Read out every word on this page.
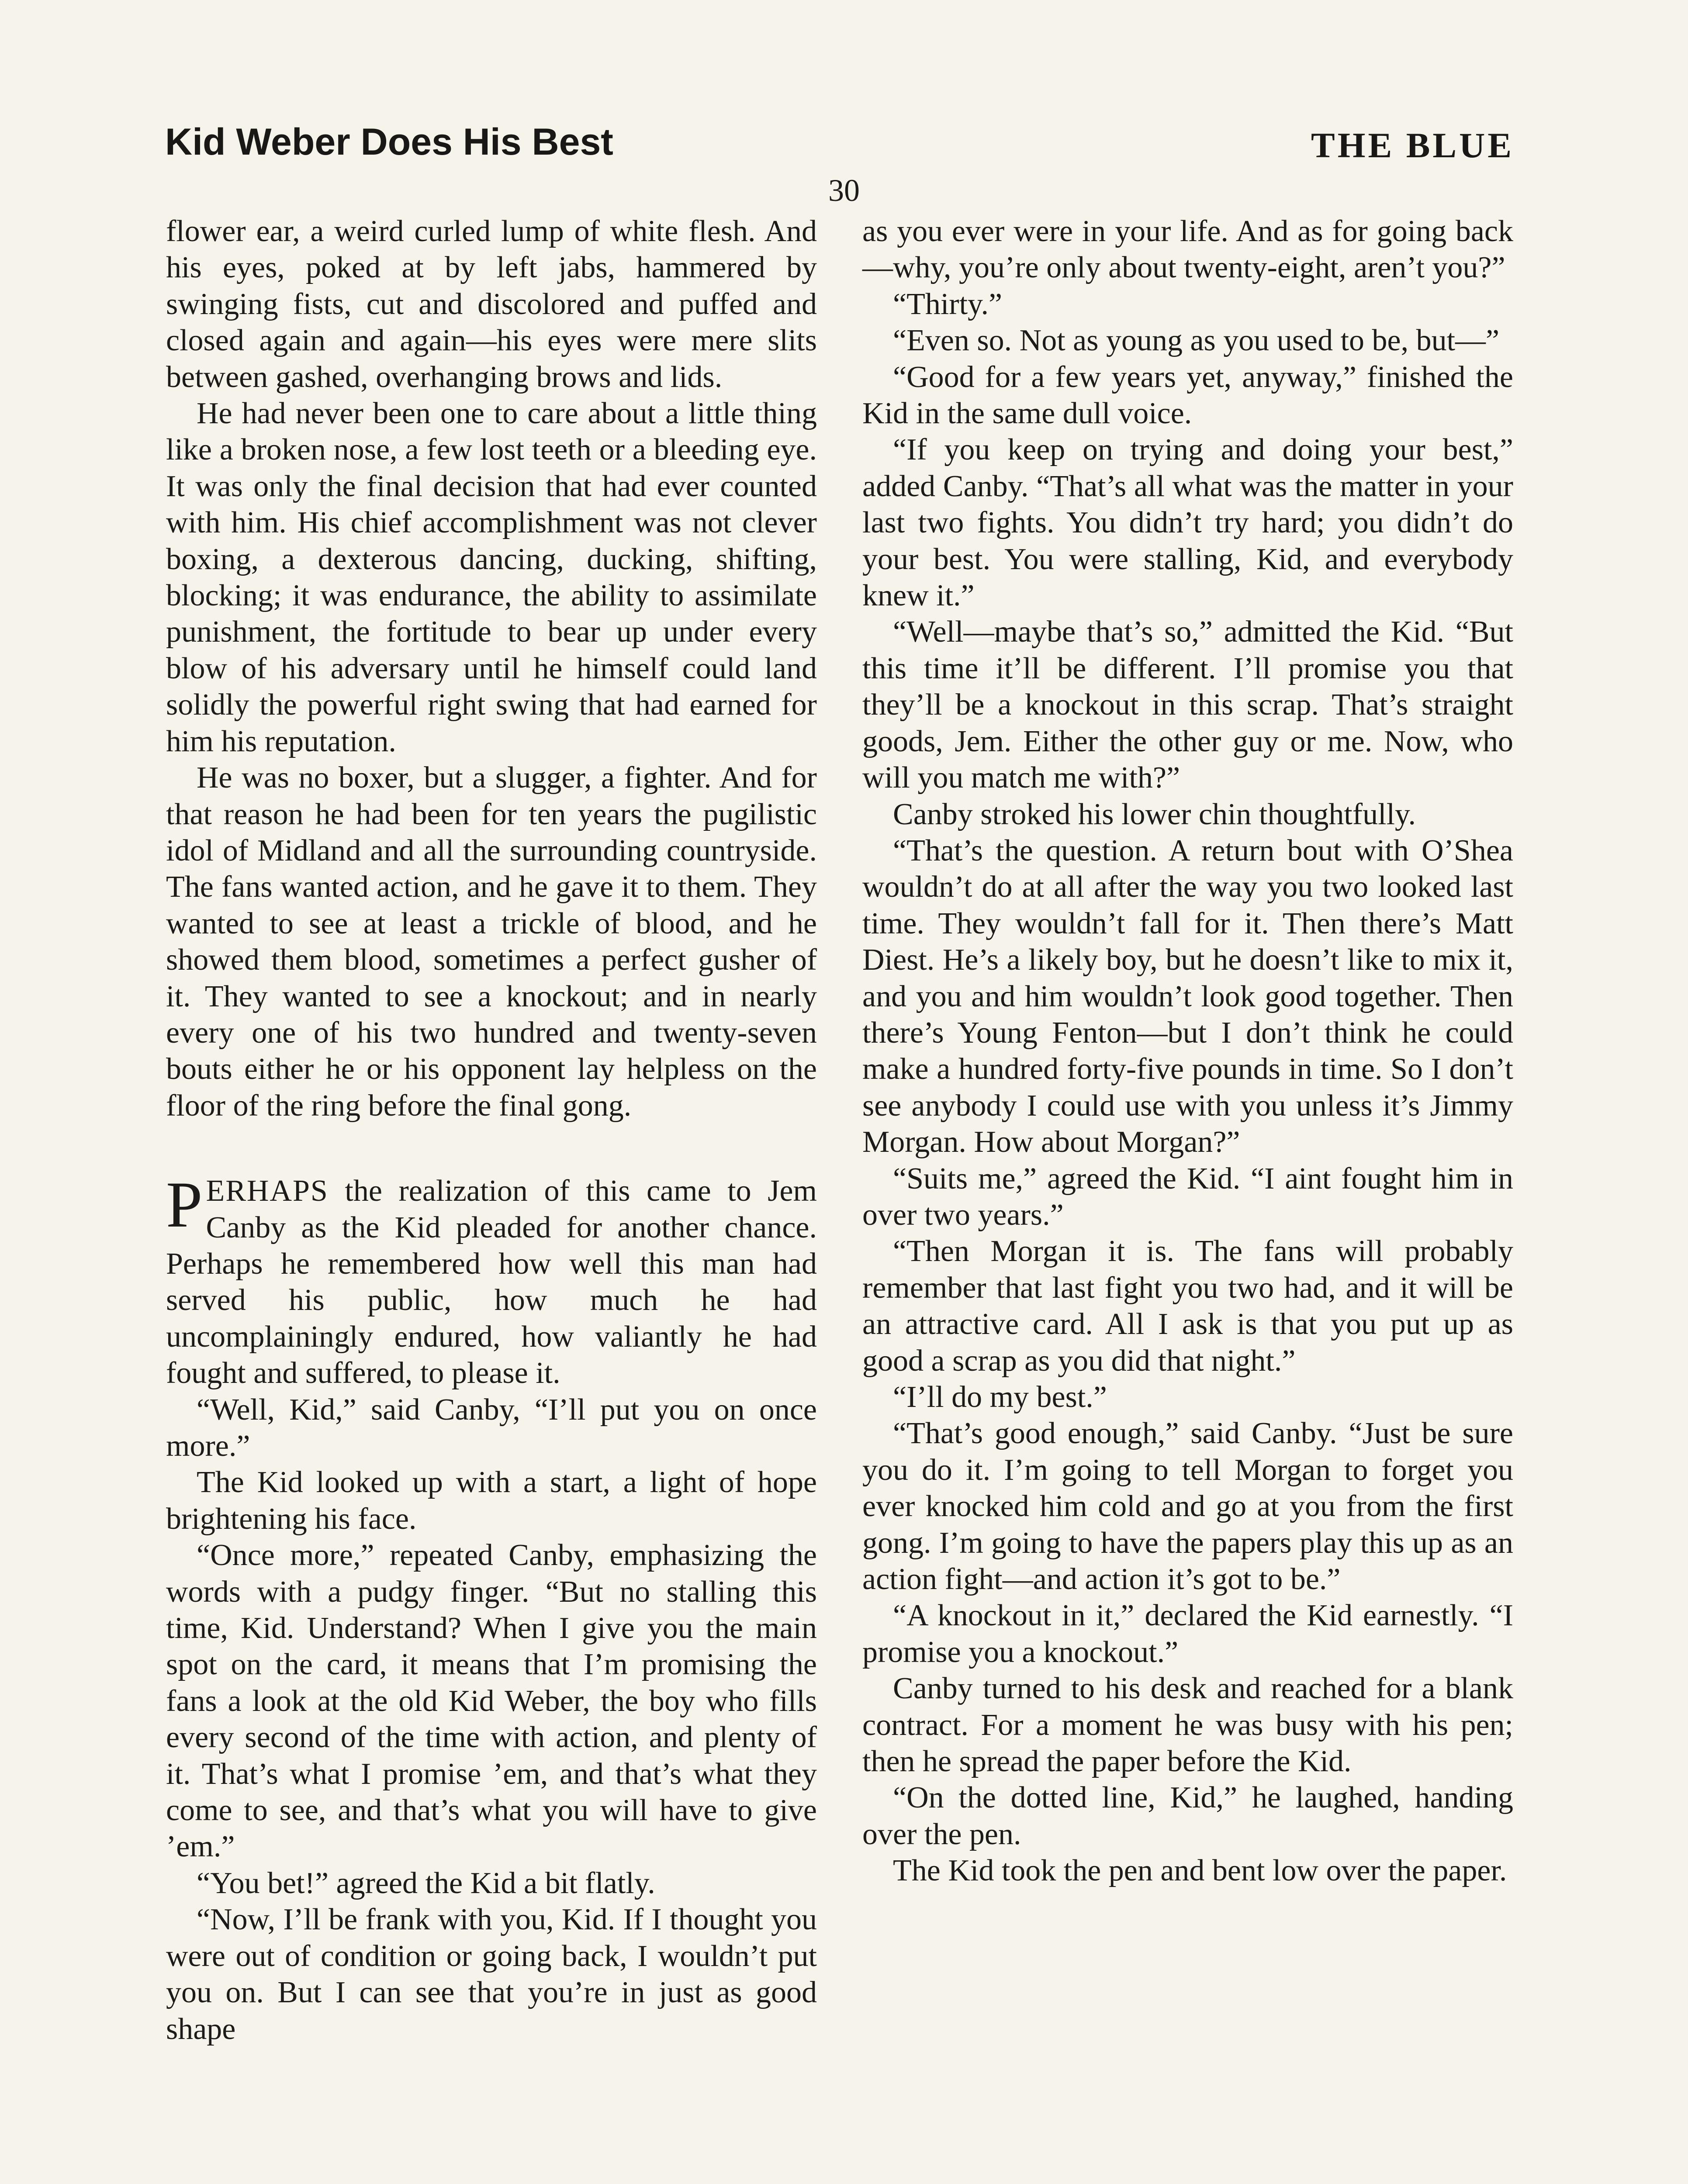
Kid Weber Does His Best	THE BLUE
30

flower ear, a weird curled lump of white flesh. And his eyes, poked at by left jabs, hammered by swinging fists, cut and discolored and puffed and closed again and again—his eyes were mere slits between gashed, overhanging brows and lids.

He had never been one to care about a little thing like a broken nose, a few lost teeth or a bleeding eye. It was only the final decision that had ever counted with him. His chief accomplishment was not clever boxing, a dexterous dancing, ducking, shifting, blocking; it was endurance, the ability to assimilate punishment, the fortitude to bear up under every blow of his adversary until he himself could land solidly the powerful right swing that had earned for him his reputation.

He was no boxer, but a slugger, a fighter. And for that reason he had been for ten years the pugilistic idol of Midland and all the surrounding countryside. The fans wanted action, and he gave it to them. They wanted to see at least a trickle of blood, and he showed them blood, sometimes a perfect gusher of it. They wanted to see a knockout; and in nearly every one of his two hundred and twenty-seven bouts either he or his opponent lay helpless on the floor of the ring before the final gong.

PERHAPS the realization of this came to Jem Canby as the Kid pleaded for another chance. Perhaps he remembered how well this man had served his public, how much he had uncomplainingly endured, how valiantly he had fought and suffered, to please it.

“Well, Kid,” said Canby, “I’ll put you on once more.”

The Kid looked up with a start, a light of hope brightening his face.

“Once more,” repeated Canby, emphasizing the words with a pudgy finger. “But no stalling this time, Kid. Understand? When I give you the main spot on the card, it means that I’m promising the fans a look at the old Kid Weber, the boy who fills every second of the time with action, and plenty of it. That’s what I promise ’em, and that’s what they come to see, and that’s what you will have to give ’em.”

“You bet!” agreed the Kid a bit flatly.

“Now, I’ll be frank with you, Kid. If I thought you were out of condition or going back, I wouldn’t put you on. But I can see that you’re in just as good shape

as you ever were in your life. And as for going back—why, you’re only about twenty-eight, aren’t you?”

“Thirty.”

“Even so. Not as young as you used to be, but—”

“Good for a few years yet, anyway,” finished the Kid in the same dull voice.

“If you keep on trying and doing your best,” added Canby. “That’s all what was the matter in your last two fights. You didn’t try hard; you didn’t do your best. You were stalling, Kid, and everybody knew it.”

“Well—maybe that’s so,” admitted the Kid. “But this time it’ll be different. I’ll promise you that they’ll be a knockout in this scrap. That’s straight goods, Jem. Either the other guy or me. Now, who will you match me with?”

Canby stroked his lower chin thoughtfully.

“That’s the question. A return bout with O’Shea wouldn’t do at all after the way you two looked last time. They wouldn’t fall for it. Then there’s Matt Diest. He’s a likely boy, but he doesn’t like to mix it, and you and him wouldn’t look good together. Then there’s Young Fenton—but I don’t think he could make a hundred forty-five pounds in time. So I don’t see anybody I could use with you unless it’s Jimmy Morgan. How about Morgan?”

“Suits me,” agreed the Kid. “I aint fought him in over two years.”

“Then Morgan it is. The fans will probably remember that last fight you two had, and it will be an attractive card. All I ask is that you put up as good a scrap as you did that night.”

“I’ll do my best.”

“That’s good enough,” said Canby. “Just be sure you do it. I’m going to tell Morgan to forget you ever knocked him cold and go at you from the first gong. I’m going to have the papers play this up as an action fight—and action it’s got to be.”

“A knockout in it,” declared the Kid earnestly. “I promise you a knockout.”

Canby turned to his desk and reached for a blank contract. For a moment he was busy with his pen; then he spread the paper before the Kid.

“On the dotted line, Kid,” he laughed, handing over the pen.

The Kid took the pen and bent low over the paper.
